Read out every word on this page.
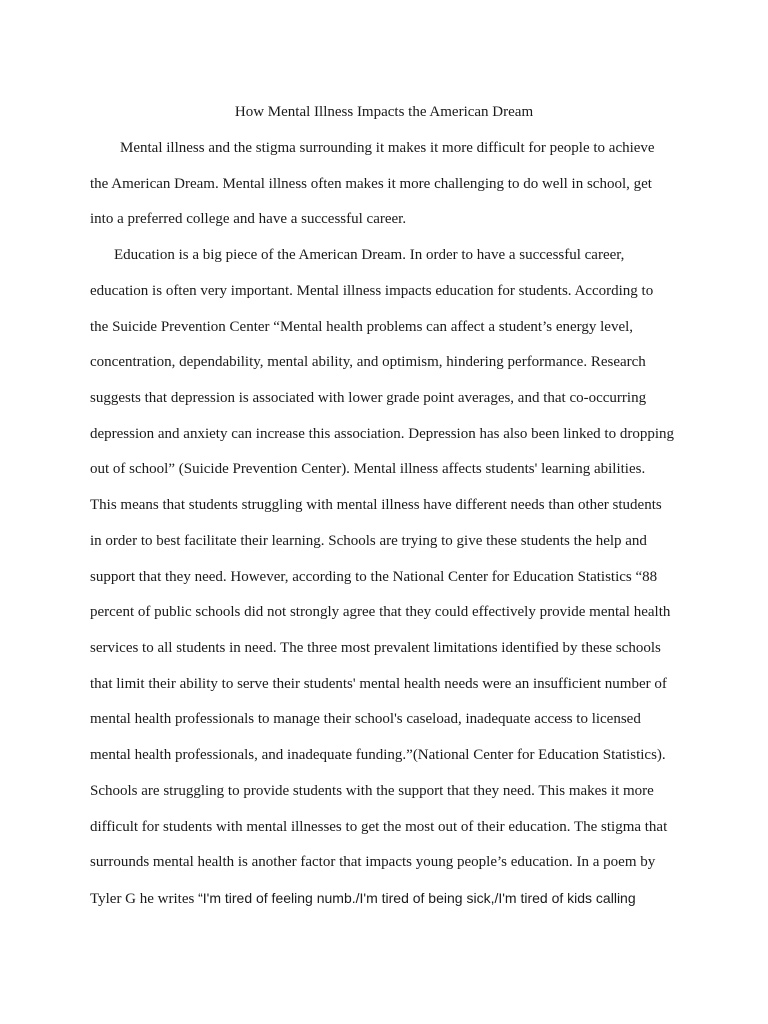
How Mental Illness Impacts the American Dream
Mental illness and the stigma surrounding it makes it more difficult for people to achieve
the American Dream. Mental illness often makes it more challenging to do well in school, get
into a preferred college and have a successful career.
Education is a big piece of the American Dream. In order to have a successful career,
education is often very important. Mental illness impacts education for students. According to
the Suicide Prevention Center “Mental health problems can affect a student’s energy level,
concentration, dependability, mental ability, and optimism, hindering performance. Research
suggests that depression is associated with lower grade point averages, and that co-occurring
depression and anxiety can increase this association. Depression has also been linked to dropping
out of school” (Suicide Prevention Center). Mental illness affects students' learning abilities.
This means that students struggling with mental illness have different needs than other students
in order to best facilitate their learning. Schools are trying to give these students the help and
support that they need. However, according to the National Center for Education Statistics “88
percent of public schools did not strongly agree that they could effectively provide mental health
services to all students in need. The three most prevalent limitations identified by these schools
that limit their ability to serve their students' mental health needs were an insufficient number of
mental health professionals to manage their school's caseload, inadequate access to licensed
mental health professionals, and inadequate funding.”(National Center for Education Statistics).
Schools are struggling to provide students with the support that they need. This makes it more
difficult for students with mental illnesses to get the most out of their education. The stigma that
surrounds mental health is another factor that impacts young people’s education. In a poem by
Tyler G he writes “I'm tired of feeling numb./I'm tired of being sick,/I'm tired of kids calling
